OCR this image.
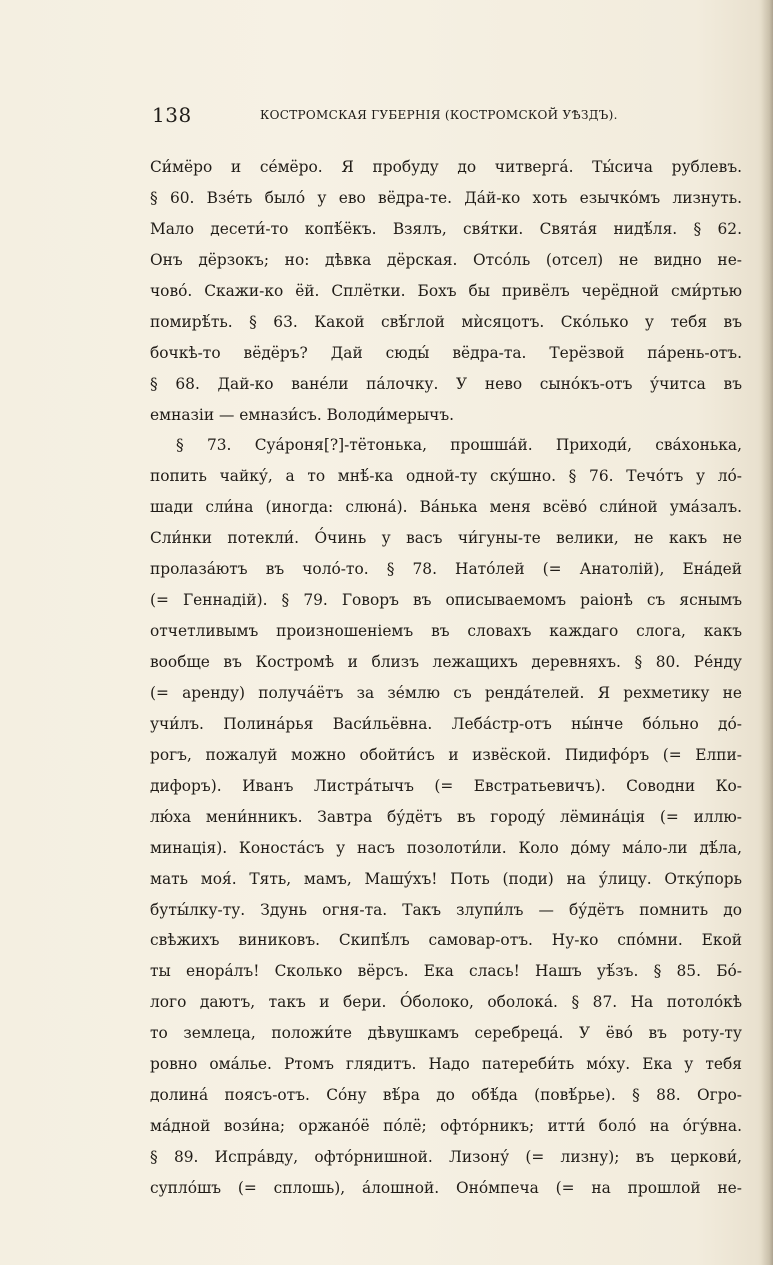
138	КОСТРОМСКАЯ ГУБЕРНІЯ (КОСТРОМСКОЙ УѢЗДЪ).
Си́мёро и се́мёро. Я пробуду до читвергá. Ты́сича рублевъ.
§ 60. Взе́ть было́ у ево вёдра-те. Да́й-ко хоть езычко́мъ лизнуть.
Мало десети́-то копѣ́ёкъ. Взялъ, свя́тки. Свята́я нидѣ́ля. § 62.
Онъ дёрзокъ; но: дѣвка дёрская. Отсо́ль (отсел) не видно не-
чово́. Скажи-ко ёй. Сплётки. Бохъ бы привёлъ черёдной сми́ртью
помирѣ́ть. § 63. Какой свѣ́глой мѝсяцотъ. Ско́лько у тебя въ
бочкѣ-то вёдёръ? Дай сюды́ вёдра-та. Терёзвой па́рень-отъ.
§ 68. Дай-ко ване́ли па́лочку. У нево сыно́къ-отъ у́читса въ
емназіи — емнази́съ. Володи́мерычъ.
§ 73. Суа́роня[?]-тётонька, прошша́й. Приходи́, сва́хонька,
попить чайку́, а то мнѣ́-ка одной-ту ску́шно. § 76. Течо́тъ у ло́-
шади сли́на (иногда: слюна́). Ва́нька меня всёво́ сли́ной ума́залъ.
Сли́нки потекли́. О́чинь у васъ чи́гуны-те велики, не какъ не
пролаза́ютъ въ чоло́-то. § 78. Нато́лей (= Анатолій), Ена́дей
(= Геннадій). § 79. Говоръ въ описываемомъ раіонѣ съ яснымъ
отчетливымъ произношеніемъ въ словахъ каждаго слога, какъ
вообще въ Костромѣ и близъ лежащихъ деревняхъ. § 80. Ре́нду
(= аренду) получа́ётъ за зе́млю съ рендáтелей. Я рехметику не
учи́лъ. Полина́рья Васи́льёвна. Леба́стр-отъ ны́нче бо́льно до́-
рогъ, пожалуй можно обойти́съ и извёской. Пидифо́ръ (= Елпи-
дифоръ). Иванъ Листра́тычъ (= Евстратьевичъ). Соводни Ко-
лю́ха мени́нникъ. Завтра бу́дётъ въ городу́ лёмина́ція (= иллю-
минація). Коноста́съ у насъ позолоти́ли. Коло до́му ма́ло-ли дѣ́ла,
мать моя́. Тять, мамъ, Машу́хъ! Поть (поди) на у́лицу. Отку́порь
буты́лку-ту. Здунь огня-та. Такъ злупи́лъ — бу́дётъ помнить до
свѣжихъ виниковъ. Скипѣ́лъ самовар-отъ. Ну-ко спо́мни. Екой
ты енора́лъ! Сколько вёрсъ. Ека слась! Нашъ уѣ́зъ. § 85. Бо́-
лого даютъ, такъ и бери. О́бoлоко, оболока́. § 87. На потоло́кѣ
то землеца, положи́те дѣвушкамъ серебреца́. У ёво́ въ роту-ту
ровно ома́лье. Ртомъ глядитъ. Надо патереби́ть мо́ху. Ека у тебя
долина́ поясъ-отъ. Со́ну вѣ́ра до обѣ́да (повѣ́рье). § 88. Огро-
ма́дной вози́на; оржано́ё по́лё; офто́рникъ; итти́ боло́ на о́гу́вна.
§ 89. Испра́вду, офто́рнишной. Лизону́ (= лизну); въ церкови́,
супло́шъ (= сплошь), а́лошной. Оно́мпеча (= на прошлой не-
